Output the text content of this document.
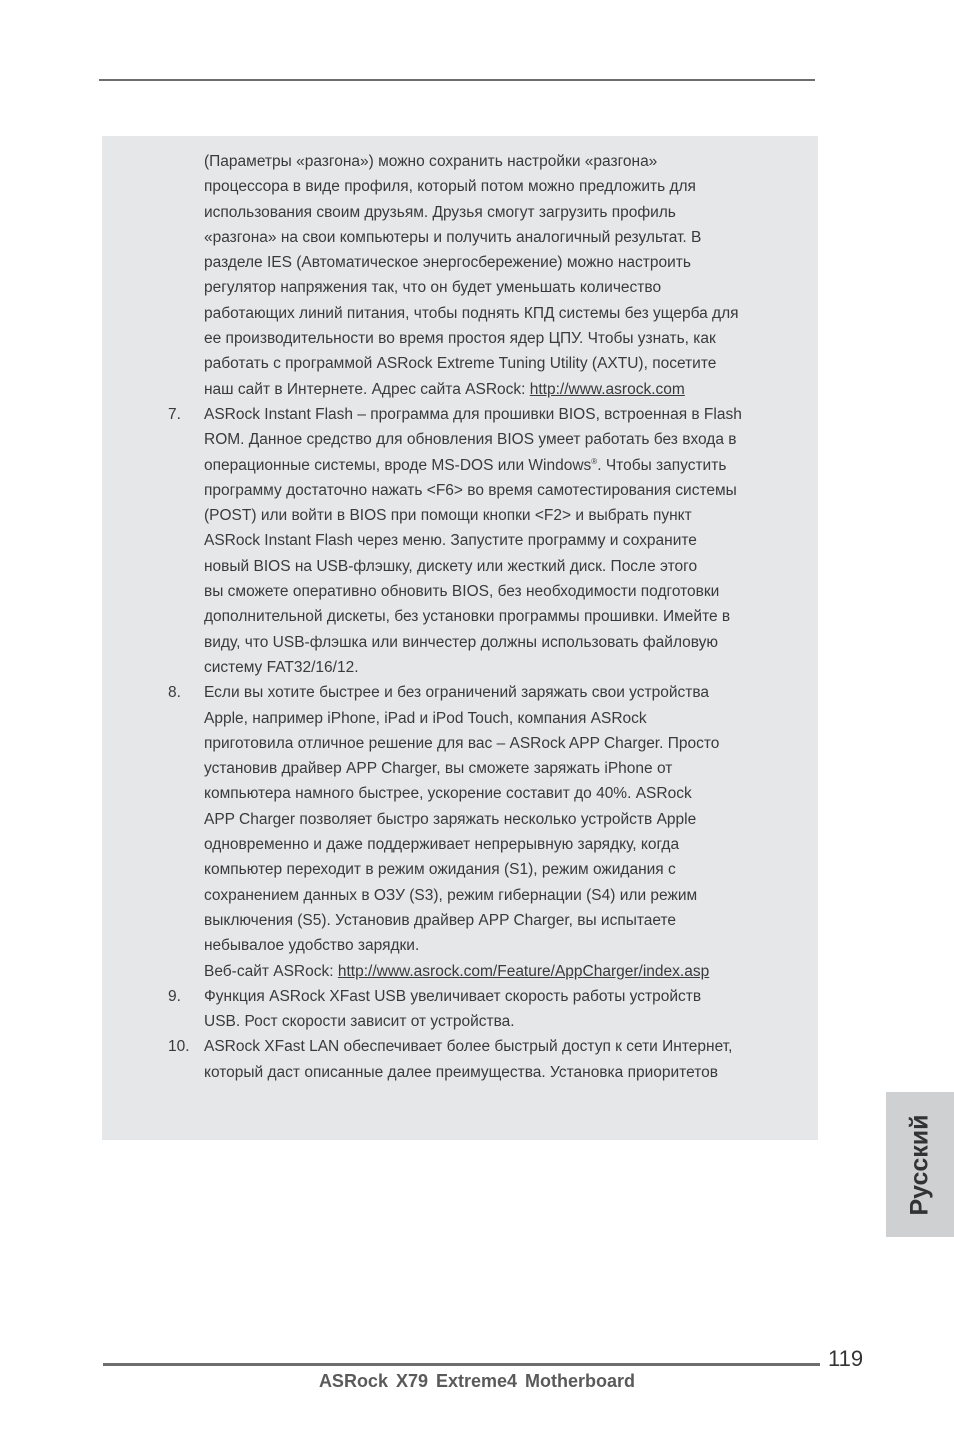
(Параметры «разгона») можно сохранить настройки «разгона»
процессора в виде профиля, который потом можно предложить для
использования своим друзьям. Друзья смогут загрузить профиль
«разгона» на свои компьютеры и получить аналогичный результат. В
разделе IES (Автоматическое энергосбережение) можно настроить
регулятор напряжения так, что он будет уменьшать количество
работающих линий питания, чтобы поднять КПД системы без ущерба для
ее производительности во время простоя ядер ЦПУ. Чтобы узнать, как
работать с программой ASRock Extreme Tuning Utility (AXTU), посетите
наш сайт в Интернете. Адрес сайта ASRock: http://www.asrock.com
7. ASRock Instant Flash – программа для прошивки BIOS, встроенная в Flash
ROM. Данное средство для обновления BIOS умеет работать без входа в
операционные системы, вроде MS-DOS или Windows®. Чтобы запустить
программу достаточно нажать <F6> во время самотестирования системы
(POST) или войти в BIOS при помощи кнопки <F2> и выбрать пункт
ASRock Instant Flash через меню. Запустите программу и сохраните
новый BIOS на USB-флэшку, дискету или жесткий диск. После этого
вы сможете оперативно обновить BIOS, без необходимости подготовки
дополнительной дискеты, без установки программы прошивки. Имейте в
виду, что USB-флэшка или винчестер должны использовать файловую
систему FAT32/16/12.
8. Если вы хотите быстрее и без ограничений заряжать свои устройства
Apple, например iPhone, iPad и iPod Touch, компания ASRock
приготовила отличное решение для вас – ASRock APP Charger. Просто
установив драйвер APP Charger, вы сможете заряжать iPhone от
компьютера намного быстрее, ускорение составит до 40%. ASRock
APP Charger позволяет быстро заряжать несколько устройств Apple
одновременно и даже поддерживает непрерывную зарядку, когда
компьютер переходит в режим ожидания (S1), режим ожидания с
сохранением данных в ОЗУ (S3), режим гибернации (S4) или режим
выключения (S5). Установив драйвер APP Charger, вы испытаете
небывалое удобство зарядки.
Веб-сайт ASRock: http://www.asrock.com/Feature/AppCharger/index.asp
9. Функция ASRock XFast USB увеличивает скорость работы устройств
USB. Рост скорости зависит от устройства.
10. ASRock XFast LAN обеспечивает более быстрый доступ к сети Интернет,
который даст описанные далее преимущества. Установка приоритетов
Русский
119
ASRock X79 Extreme4 Motherboard
